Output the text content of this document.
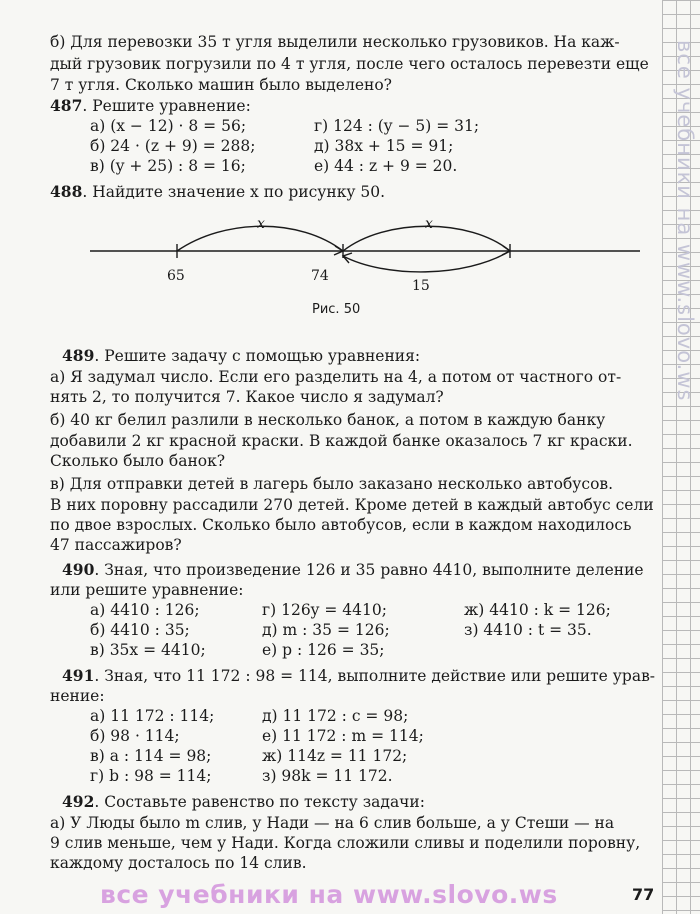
все учебники на www.slovo.ws
б) Для перевозки 35 т угля выделили несколько грузовиков. На каж-
дый грузовик погрузили по 4 т угля, после чего осталось перевезти еще
7 т угля. Сколько машин было выделено?
487. Решите уравнение:
а) (x − 12) · 8 = 56;	г) 124 : (y − 5) = 31;
б) 24 · (z + 9) = 288;	д) 38x + 15 = 91;
в) (y + 25) : 8 = 16;	е) 44 : z + 9 = 20.
488. Найдите значение x по рисунку 50.
x	x
65	74
15
Рис. 50
489. Решите задачу с помощью уравнения:
а) Я задумал число. Если его разделить на 4, а потом от частного от-
нять 2, то получится 7. Какое число я задумал?
б) 40 кг белил разлили в несколько банок, а потом в каждую банку
добавили 2 кг красной краски. В каждой банке оказалось 7 кг краски.
Сколько было банок?
в) Для отправки детей в лагерь было заказано несколько автобусов.
В них поровну рассадили 270 детей. Кроме детей в каждый автобус сели
по двое взрослых. Сколько было автобусов, если в каждом находилось
47 пассажиров?
490. Зная, что произведение 126 и 35 равно 4410, выполните деление
или решите уравнение:
а) 4410 : 126;	г) 126y = 4410;	ж) 4410 : k = 126;
б) 4410 : 35;	д) m : 35 = 126;	з) 4410 : t = 35.
в) 35x = 4410;	е) p : 126 = 35;
491. Зная, что 11 172 : 98 = 114, выполните действие или решите урав-
нение:
а) 11 172 : 114;	д) 11 172 : c = 98;
б) 98 · 114;	е) 11 172 : m = 114;
в) a : 114 = 98;	ж) 114z = 11 172;
г) b : 98 = 114;	з) 98k = 11 172.
492. Составьте равенство по тексту задачи:
а) У Люды было m слив, у Нади — на 6 слив больше, а у Стеши — на
9 слив меньше, чем у Нади. Когда сложили сливы и поделили поровну,
каждому досталось по 14 слив.
все учебники на www.slovo.ws	77
